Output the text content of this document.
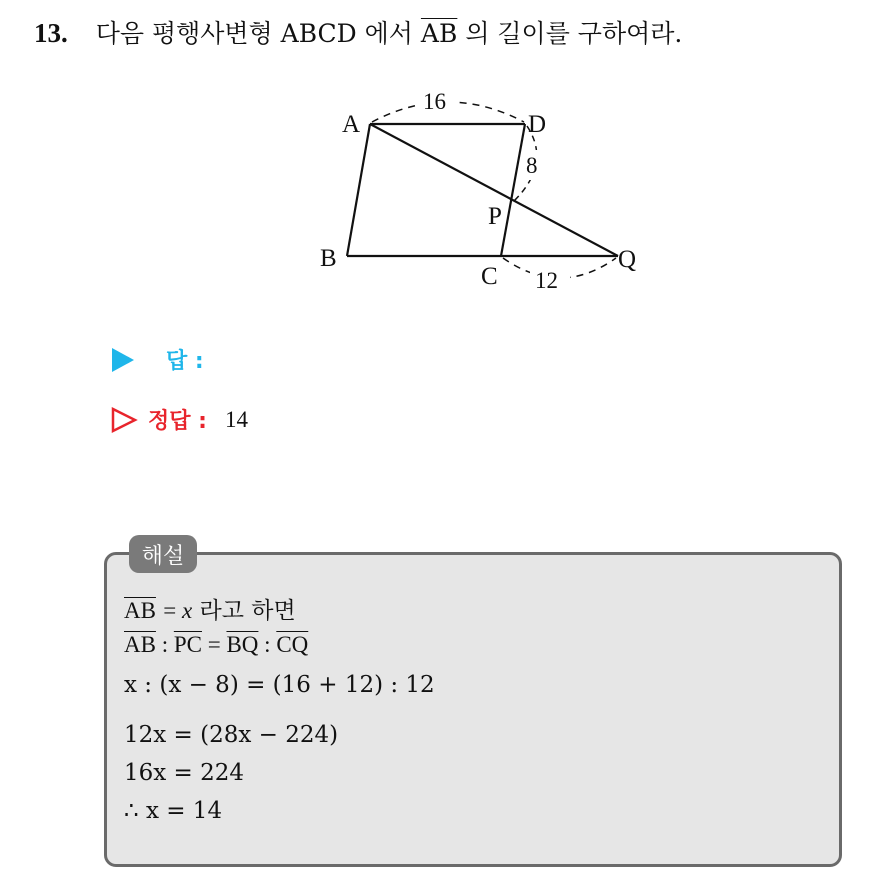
13. 다음 평행사변형 ABCD 에서 $\overline{AB}$ 의 길이를 구하여라.
A
B
C
D
P
Q
16
8
12
답 :
정답 : 14
해설
$\overline{AB} = x$ 라고 하면
$\overline{AB}$ : $\overline{PC} = \overline{BQ}$ : $\overline{CQ}$
x : (x − 8) = (16 + 12) : 12
12x = (28x − 224)
16x = 224
∴ x = 14
